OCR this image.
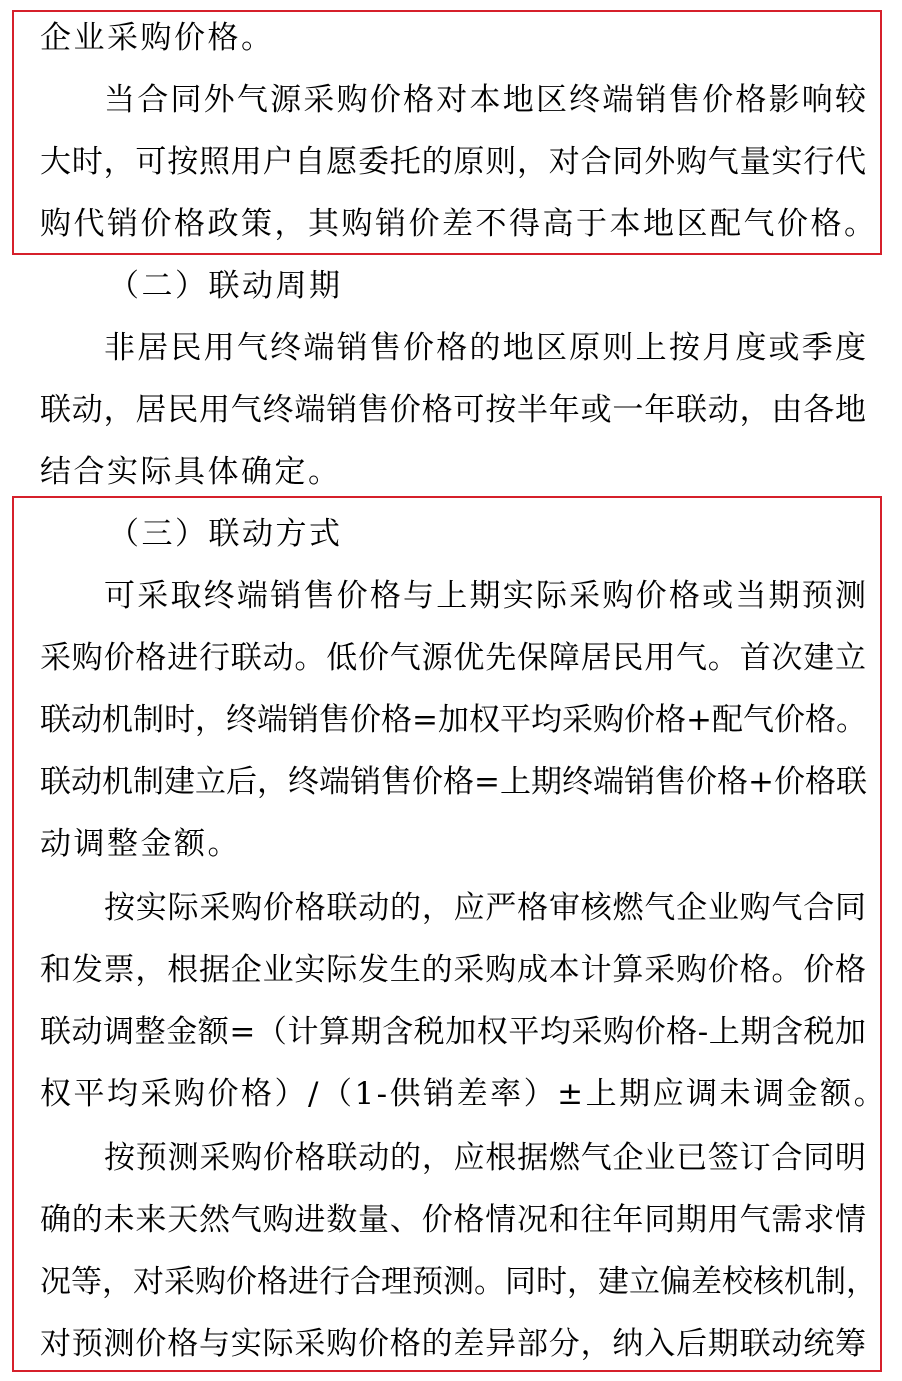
企业采购价格。
当合同外气源采购价格对本地区终端销售价格影响较
大时，可按照用户自愿委托的原则，对合同外购气量实行代
购代销价格政策，其购销价差不得高于本地区配气价格。
（二）联动周期
非居民用气终端销售价格的地区原则上按月度或季度
联动，居民用气终端销售价格可按半年或一年联动，由各地
结合实际具体确定。
（三）联动方式
可采取终端销售价格与上期实际采购价格或当期预测
采购价格进行联动。低价气源优先保障居民用气。首次建立
联动机制时，终端销售价格=加权平均采购价格+配气价格。
联动机制建立后，终端销售价格=上期终端销售价格+价格联
动调整金额。
按实际采购价格联动的，应严格审核燃气企业购气合同
和发票，根据企业实际发生的采购成本计算采购价格。价格
联动调整金额=（计算期含税加权平均采购价格-上期含税加
权平均采购价格）/（1-供销差率）±上期应调未调金额。
按预测采购价格联动的，应根据燃气企业已签订合同明
确的未来天然气购进数量、价格情况和往年同期用气需求情
况等，对采购价格进行合理预测。同时，建立偏差校核机制，
对预测价格与实际采购价格的差异部分，纳入后期联动统筹
